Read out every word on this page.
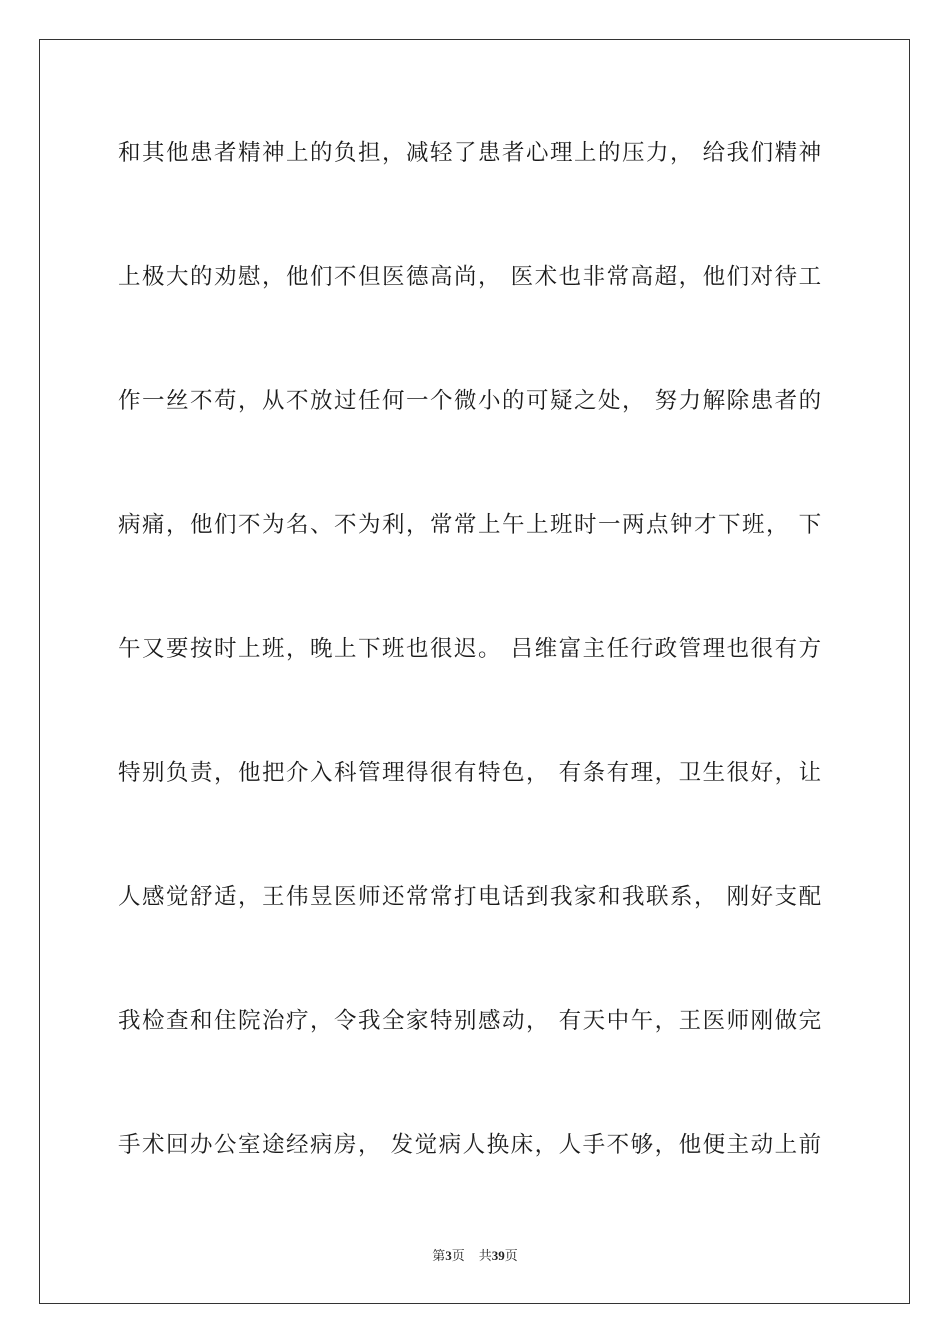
和其他患者精神上的负担，减轻了患者心理上的压力， 给我们精神
上极大的劝慰，他们不但医德高尚， 医术也非常高超，他们对待工
作一丝不苟，从不放过任何一个微小的可疑之处， 努力解除患者的
病痛，他们不为名、不为利，常常上午上班时一两点钟才下班， 下
午又要按时上班，晚上下班也很迟。 吕维富主任行政管理也很有方
特别负责，他把介入科管理得很有特色， 有条有理，卫生很好，让
人感觉舒适，王伟昱医师还常常打电话到我家和我联系， 刚好支配
我检查和住院治疗，令我全家特别感动， 有天中午，王医师刚做完
手术回办公室途经病房， 发觉病人换床，人手不够，他便主动上前
第3页 共39页
